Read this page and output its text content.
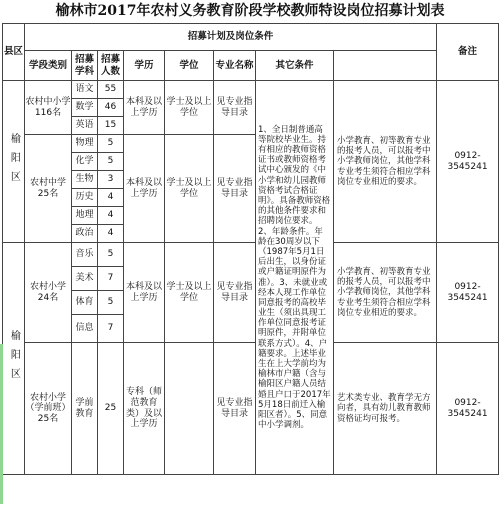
榆林市2017年农村义务教育阶段学校教师特设岗位招募计划表
县区	招募计划及岗位条件								备注	
	学段类别	招募学科	招募人数	学历	学位	专业名称	其它条件			
榆阳区	农村中小学116名	语文	55	本科及以上学历	学士及以上学位	见专业指导目录	1、全日制普通高等院校毕业生。持有相应的教师资格证书或教师资格考试中心颁发的《中小学和幼儿园教师资格考试合格证明》。具备教师资格的其他条件要求和招聘岗位要求。2、年龄条件。年龄在30周岁以下（1987年5月1日后出生，以身份证或户籍证明原件为准）。3、未就业或经本人现工作单位同意报考的高校毕业生（须出具现工作单位同意报考证明原件，并附单位联系方式）。4、户籍要求。上述毕业生在上大学前均为榆林市户籍（含与榆阳区户籍人员结婚且户口于2017年5月18日前迁入榆阳区者）。5、同意中小学调剂。	小学教育、初等教育专业的报考人员，可以报考中小学教师岗位，其他学科专业考生须符合相应学科岗位专业相近的要求。	0912-3545241	
		数学	46							
		英语	15							
	农村中学25名	物理	5	本科及以上学历	学士及以上学位	见专业指导目录				
		化学	5							
		生物	3							
		历史	4							
		地理	4							
		政治	4							
榆阳区	农村小学24名	音乐	5	本科及以上学历	学士及以上学位	见专业指导目录		小学教育、初等教育专业的报考人员，可以报考中小学教师岗位，其他学科专业考生须符合相应学科岗位专业相近的要求。	0912-3545241	
		美术	7							
		体育	5							
		信息	7							
	农村小学（学前班）25名	学前教育	25	专科（师范教育类）及以上学历		见专业指导目录		艺术类专业、教育学无方向者，具有幼儿教育教师资格证均可报考。	0912-3545241	
